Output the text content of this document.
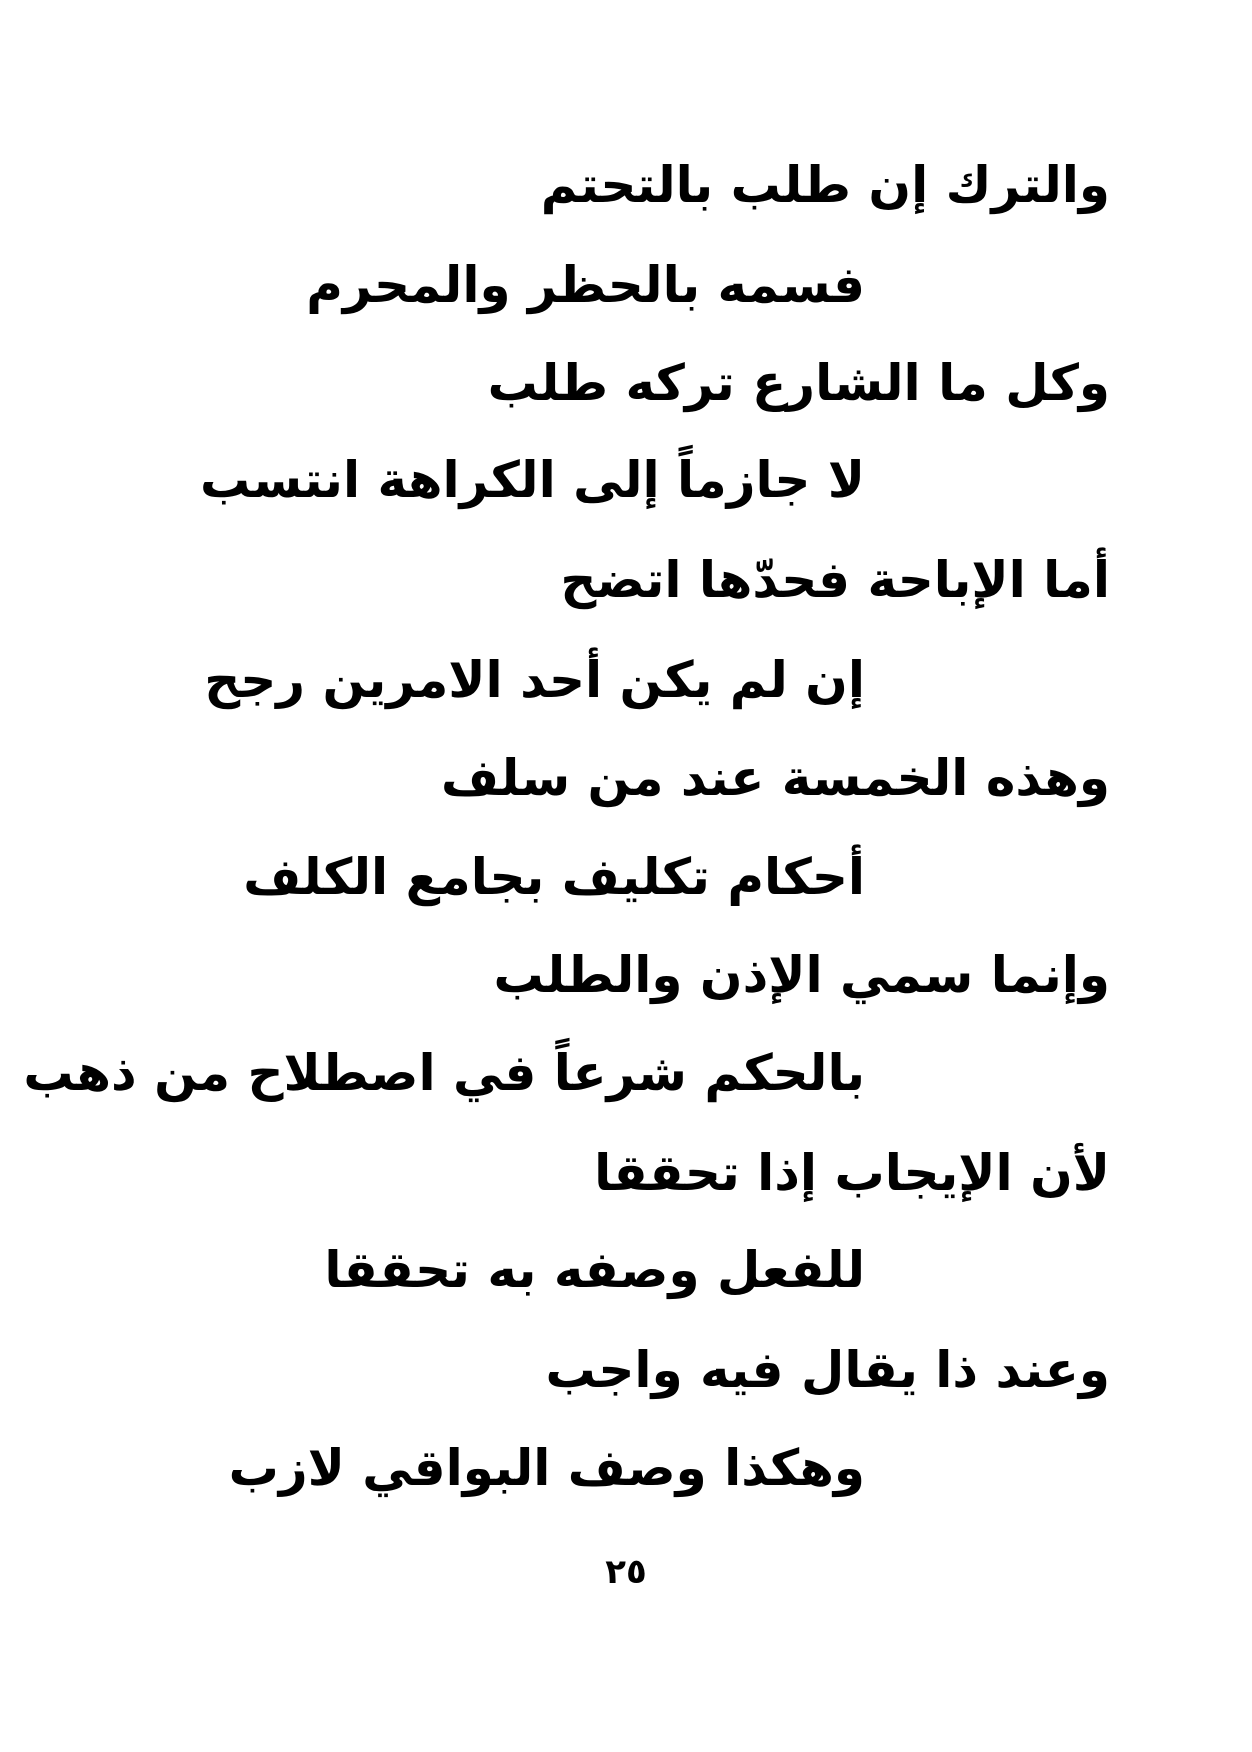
والترك إن طلب بالتحتم
فسمه بالحظر والمحرم
وكل ما الشارع تركه طلب
لا جازماً إلى الكراهة انتسب
أما الإباحة فحدّها اتضح
إن لم يكن أحد الامرين رجح
وهذه الخمسة عند من سلف
أحكام تكليف بجامع الكلف
وإنما سمي الإذن والطلب
بالحكم شرعاً في اصطلاح من ذهب
لأن الإيجاب إذا تحققا
للفعل وصفه به تحققا
وعند ذا يقال فيه واجب
وهكذا وصف البواقي لازب
٢٥
